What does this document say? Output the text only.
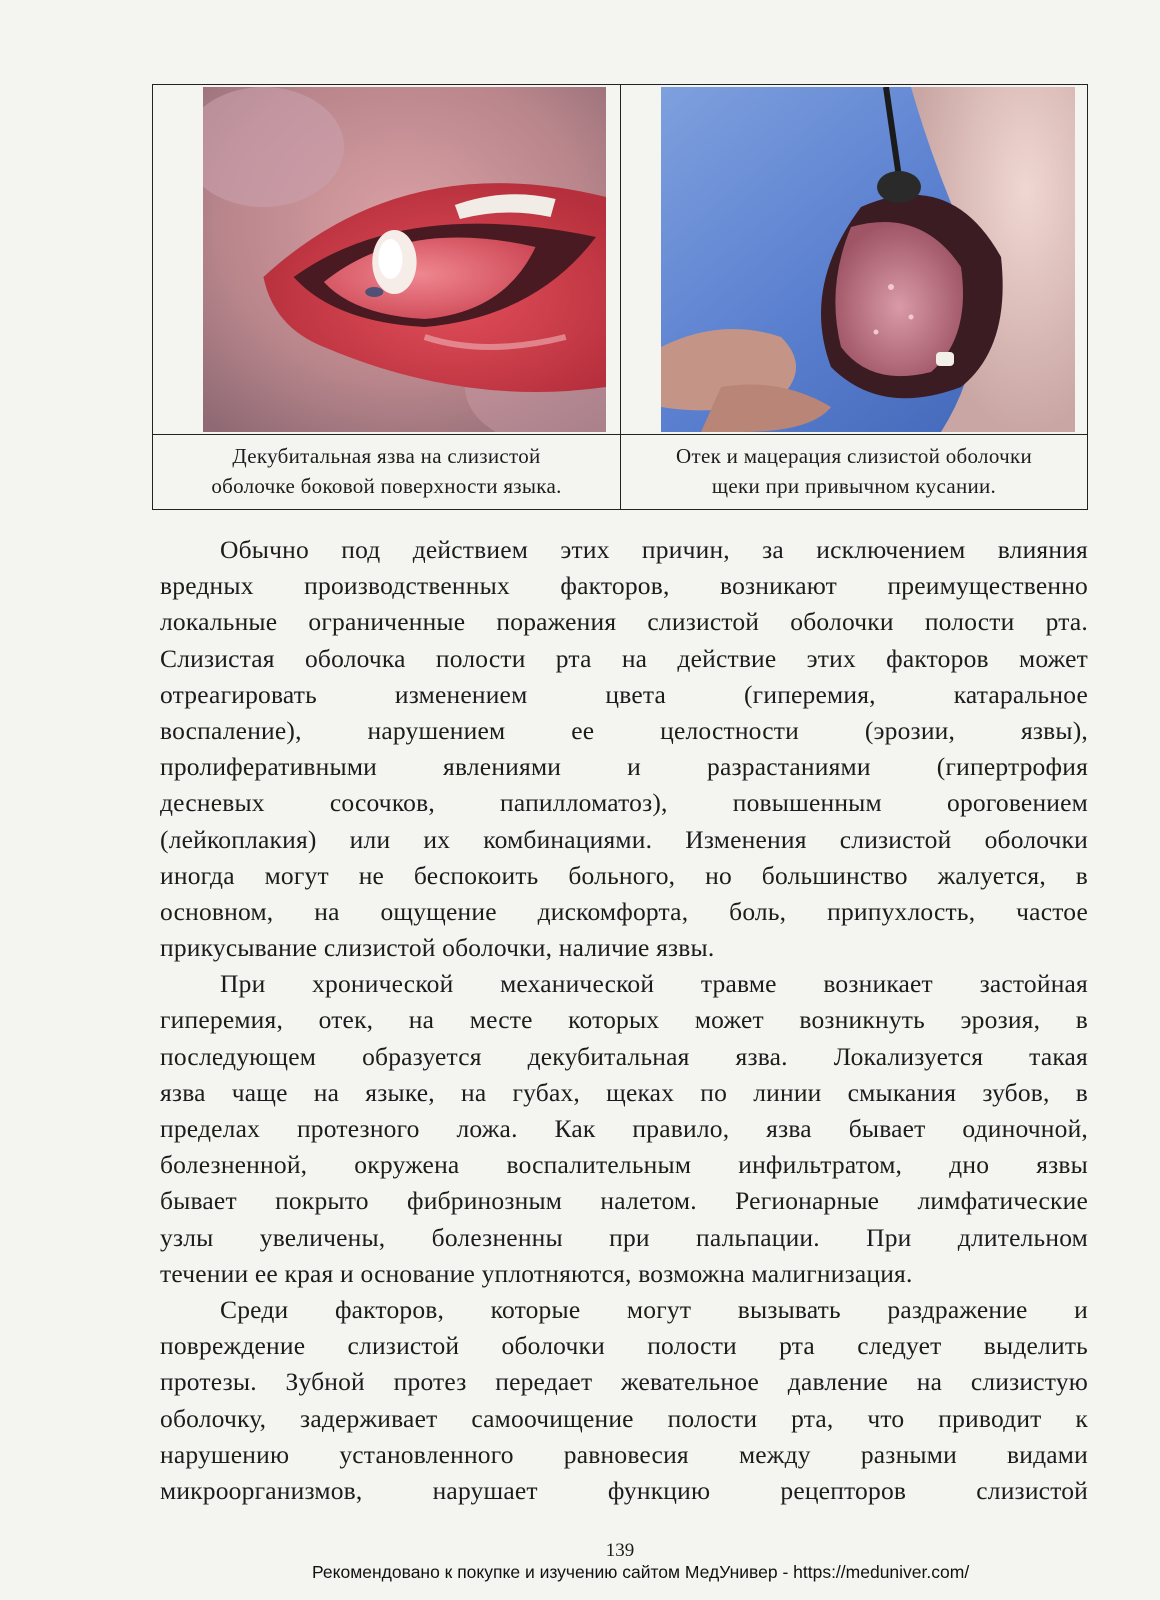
Декубитальная язва на слизистой
оболочке боковой поверхности языка.
Отек и мацерация слизистой оболочки
щеки при привычном кусании.
Обычно под действием этих причин, за исключением влияния
вредных производственных факторов, возникают преимущественно
локальные ограниченные поражения слизистой оболочки полости рта.
Слизистая оболочка полости рта на действие этих факторов может
отреагировать изменением цвета (гиперемия, катаральное
воспаление), нарушением ее целостности (эрозии, язвы),
пролиферативными явлениями и разрастаниями (гипертрофия
десневых сосочков, папилломатоз), повышенным ороговением
(лейкоплакия) или их комбинациями. Изменения слизистой оболочки
иногда могут не беспокоить больного, но большинство жалуется, в
основном, на ощущение дискомфорта, боль, припухлость, частое
прикусывание слизистой оболочки, наличие язвы.
При хронической механической травме возникает застойная
гиперемия, отек, на месте которых может возникнуть эрозия, в
последующем образуется декубитальная язва. Локализуется такая
язва чаще на языке, на губах, щеках по линии смыкания зубов, в
пределах протезного ложа. Как правило, язва бывает одиночной,
болезненной, окружена воспалительным инфильтратом, дно язвы
бывает покрыто фибринозным налетом. Регионарные лимфатические
узлы увеличены, болезненны при пальпации. При длительном
течении ее края и основание уплотняются, возможна малигнизация.
Среди факторов, которые могут вызывать раздражение и
повреждение слизистой оболочки полости рта следует выделить
протезы. Зубной протез передает жевательное давление на слизистую
оболочку, задерживает самоочищение полости рта, что приводит к
нарушению установленного равновесия между разными видами
микроорганизмов, нарушает функцию рецепторов слизистой
139
Рекомендовано к покупке и изучению сайтом МедУнивер - https://meduniver.com/
